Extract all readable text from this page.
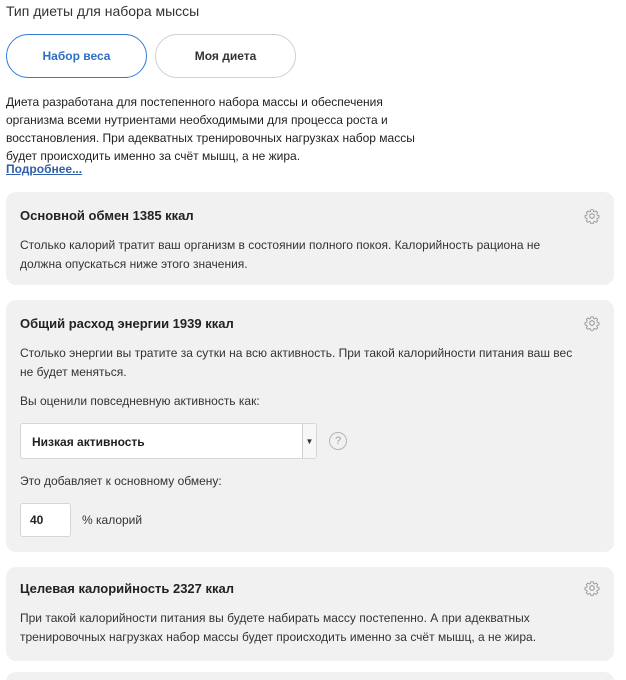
Тип диеты для набора мыссы
Набор веса	Моя диета
Диета разработана для постепенного набора массы и обеспечения
организма всеми нутриентами необходимыми для процесса роста и
восстановления. При адекватных тренировочных нагрузках набор массы
будет происходить именно за счёт мышц, а не жира.
Подробнее...
Основной обмен 1385 ккал
Столько калорий тратит ваш организм в состоянии полного покоя. Калорийность рациона не
должна опускаться ниже этого значения.
Общий расход энергии 1939 ккал
Столько энергии вы тратите за сутки на всю активность. При такой калорийности питания ваш вес
не будет меняться.
Вы оценили повседневную активность как:
Низкая активность	▼	?
Это добавляет к основному обмену:
40
% калорий
Целевая калорийность 2327 ккал
При такой калорийности питания вы будете набирать массу постепенно. А при адекватных
тренировочных нагрузках набор массы будет происходить именно за счёт мышц, а не жира.
